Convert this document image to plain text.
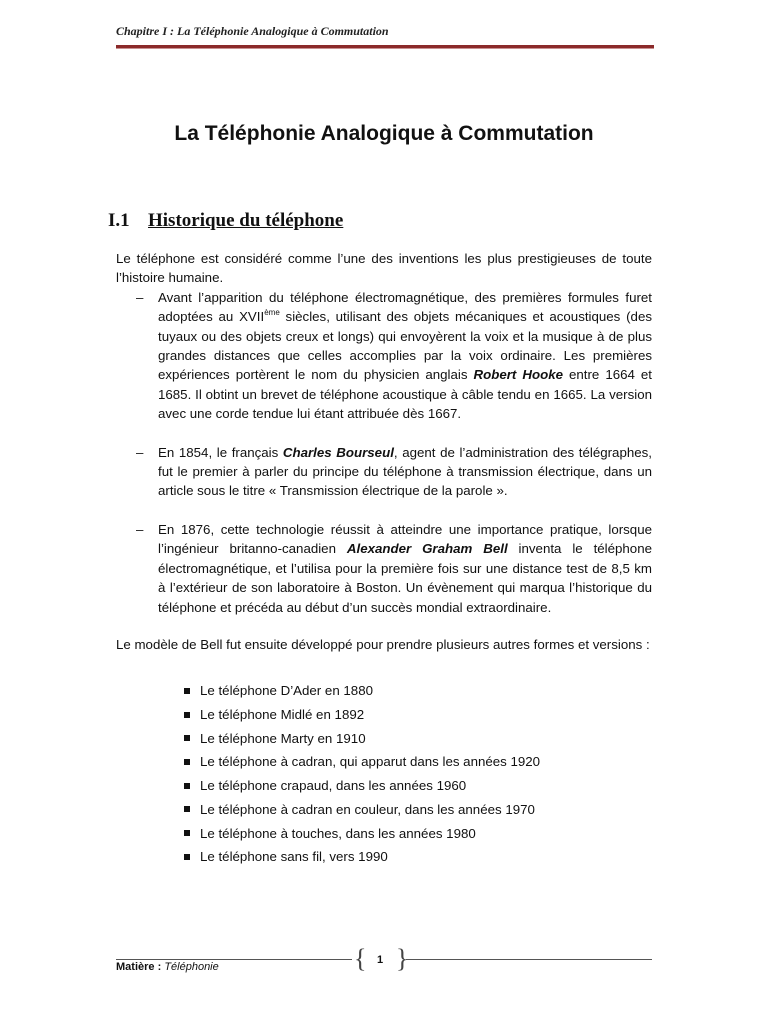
Chapitre I : La Téléphonie Analogique à Commutation
La Téléphonie Analogique à Commutation
I.1 Historique du téléphone

Le téléphone est considéré comme l’une des inventions les plus prestigieuses de toute l’histoire humaine.

– Avant l’apparition du téléphone électromagnétique, des premières formules furet adoptées au XVIIème siècles, utilisant des objets mécaniques et acoustiques (des tuyaux ou des objets creux et longs) qui envoyèrent la voix et la musique à de plus grandes distances que celles accomplies par la voix ordinaire. Les premières expériences portèrent le nom du physicien anglais Robert Hooke entre 1664 et 1685. Il obtint un brevet de téléphone acoustique à câble tendu en 1665. La version avec une corde tendue lui étant attribuée dès 1667.
– En 1854, le français Charles Bourseul, agent de l’administration des télégraphes, fut le premier à parler du principe du téléphone à transmission électrique, dans un article sous le titre « Transmission électrique de la parole ».
– En 1876, cette technologie réussit à atteindre une importance pratique, lorsque l’ingénieur britanno-canadien Alexander Graham Bell inventa le téléphone électromagnétique, et l’utilisa pour la première fois sur une distance test de 8,5 km à l’extérieur de son laboratoire à Boston. Un évènement qui marqua l’historique du téléphone et précéda au début d’un succès mondial extraordinaire.

Le modèle de Bell fut ensuite développé pour prendre plusieurs autres formes et versions :

Le téléphone D’Ader en 1880
Le téléphone Midlé en 1892
Le téléphone Marty en 1910
Le téléphone à cadran, qui apparut dans les années 1920
Le téléphone crapaud, dans les années 1960
Le téléphone à cadran en couleur, dans les années 1970
Le téléphone à touches, dans les années 1980
Le téléphone sans fil, vers 1990
{ 1 }
Matière : Téléphonie
